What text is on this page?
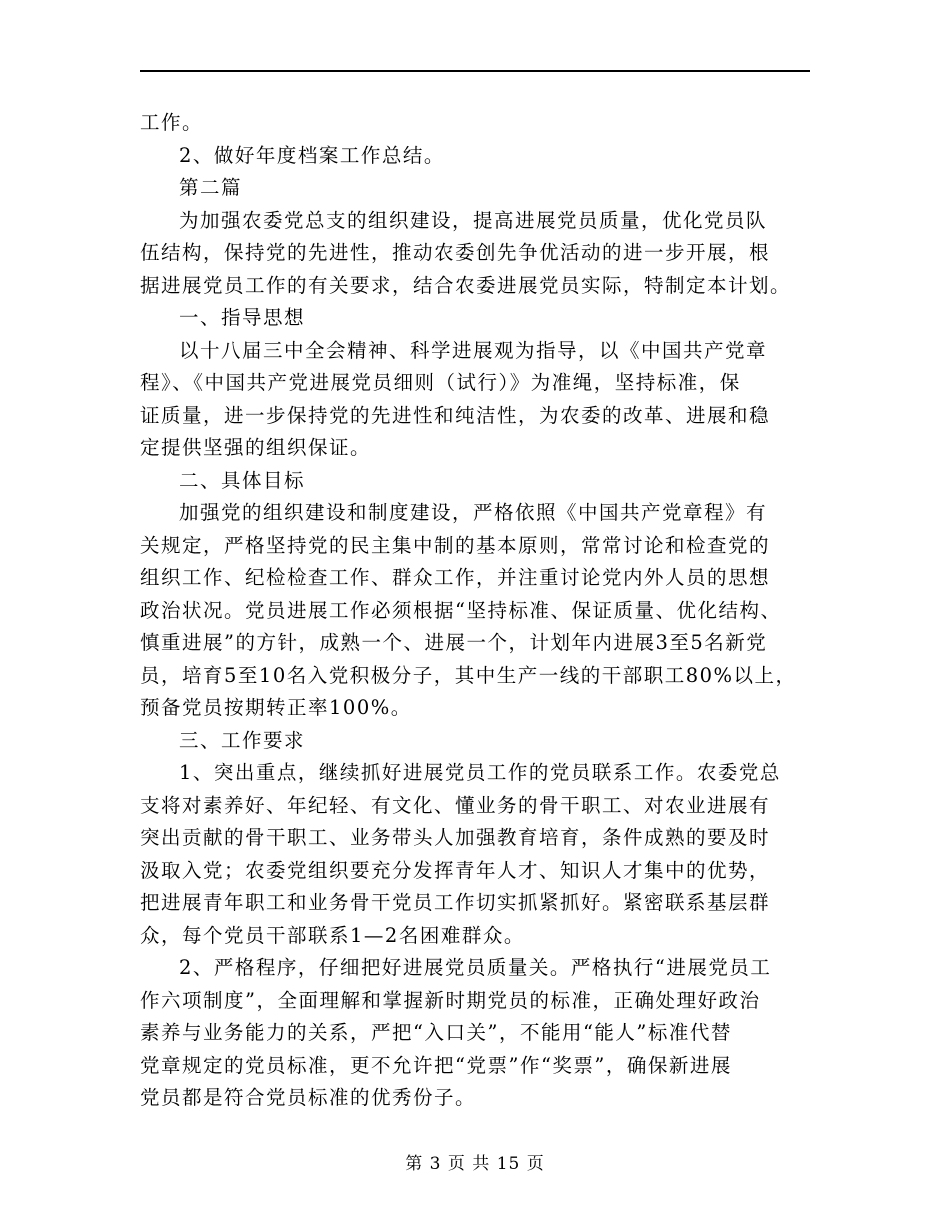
工作。
2、做好年度档案工作总结。
第二篇
为加强农委党总支的组织建设，提高进展党员质量，优化党员队
伍结构，保持党的先进性，推动农委创先争优活动的进一步开展，根
据进展党员工作的有关要求，结合农委进展党员实际，特制定本计划。
一、指导思想
以十八届三中全会精神、科学进展观为指导，以《中国共产党章
程》、《中国共产党进展党员细则（试行）》为准绳，坚持标准，保
证质量，进一步保持党的先进性和纯洁性，为农委的改革、进展和稳
定提供坚强的组织保证。
二、具体目标
加强党的组织建设和制度建设，严格依照《中国共产党章程》有
关规定，严格坚持党的民主集中制的基本原则，常常讨论和检查党的
组织工作、纪检检查工作、群众工作，并注重讨论党内外人员的思想
政治状况。党员进展工作必须根据“坚持标准、保证质量、优化结构、
慎重进展”的方针，成熟一个、进展一个，计划年内进展3至5名新党
员，培育5至10名入党积极分子，其中生产一线的干部职工80%以上，
预备党员按期转正率100%。
三、工作要求
1、突出重点，继续抓好进展党员工作的党员联系工作。农委党总
支将对素养好、年纪轻、有文化、懂业务的骨干职工、对农业进展有
突出贡献的骨干职工、业务带头人加强教育培育，条件成熟的要及时
汲取入党；农委党组织要充分发挥青年人才、知识人才集中的优势，
把进展青年职工和业务骨干党员工作切实抓紧抓好。紧密联系基层群
众，每个党员干部联系1—2名困难群众。
2、严格程序，仔细把好进展党员质量关。严格执行“进展党员工
作六项制度”，全面理解和掌握新时期党员的标准，正确处理好政治
素养与业务能力的关系，严把“入口关”，不能用“能人”标准代替
党章规定的党员标准，更不允许把“党票”作“奖票”，确保新进展
党员都是符合党员标准的优秀份子。
第 3 页 共 15 页
